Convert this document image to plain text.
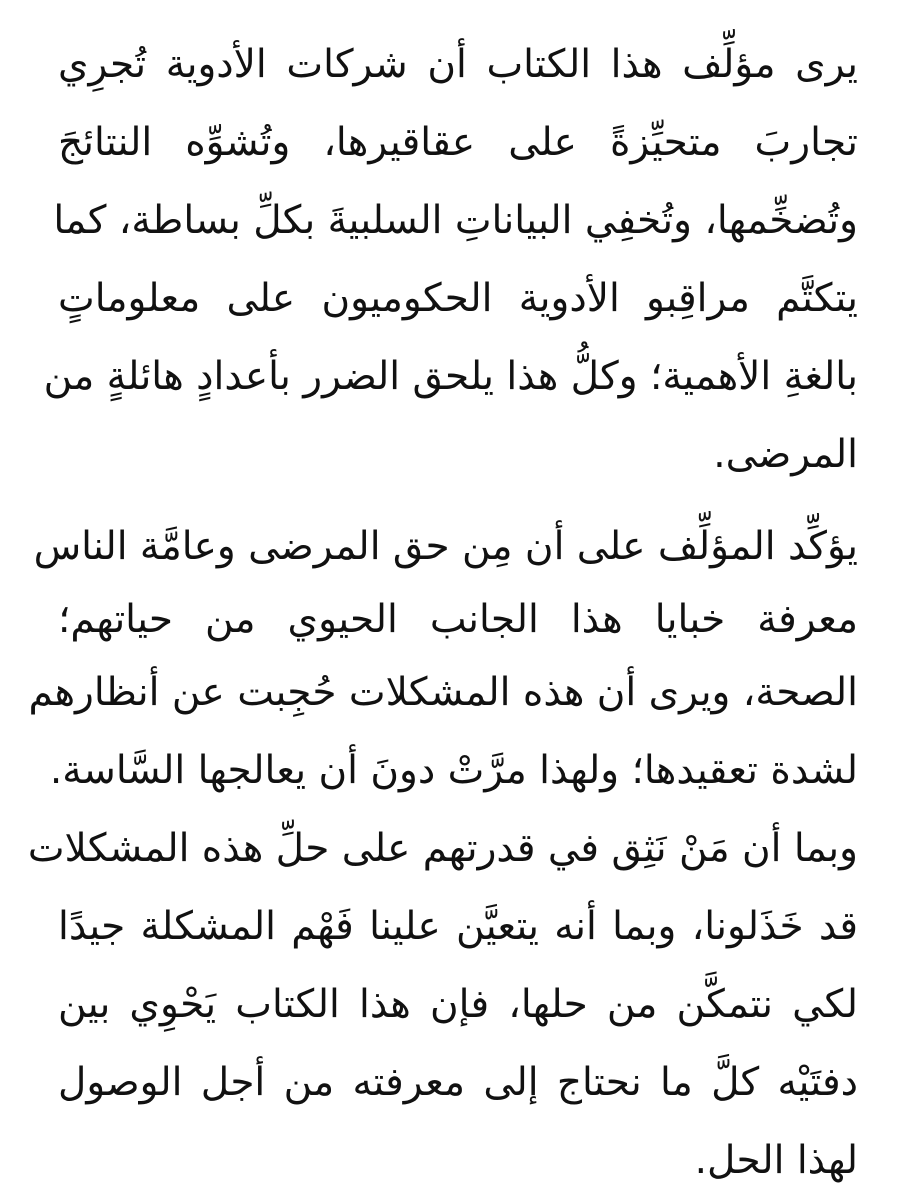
يرى مؤلِّف هذا الكتاب أن شركات الأدوية تُجرِي
تجاربَ متحيِّزةً على عقاقيرها، وتُشوِّه النتائجَ
وتُضخِّمها، وتُخفِي البياناتِ السلبيةَ بكلِّ بساطة، كما
يتكتَّم مراقِبو الأدوية الحكوميون على معلوماتٍ
بالغةِ الأهمية؛ وكلُّ هذا يلحق الضرر بأعدادٍ هائلةٍ من
المرضى.
يؤكِّد المؤلِّف على أن مِن حق المرضى وعامَّة الناس
معرفة خبايا هذا الجانب الحيوي من حياتهم؛
الصحة، ويرى أن هذه المشكلات حُجِبت عن أنظارهم
لشدة تعقيدها؛ ولهذا مرَّتْ دونَ أن يعالجها السَّاسة.
وبما أن مَنْ نَثِق في قدرتهم على حلِّ هذه المشكلات
قد خَذَلونا، وبما أنه يتعيَّن علينا فَهْم المشكلة جيدًا
لكي نتمكَّن من حلها، فإن هذا الكتاب يَحْوِي بين
دفتَيْه كلَّ ما نحتاج إلى معرفته من أجل الوصول
لهذا الحل.
